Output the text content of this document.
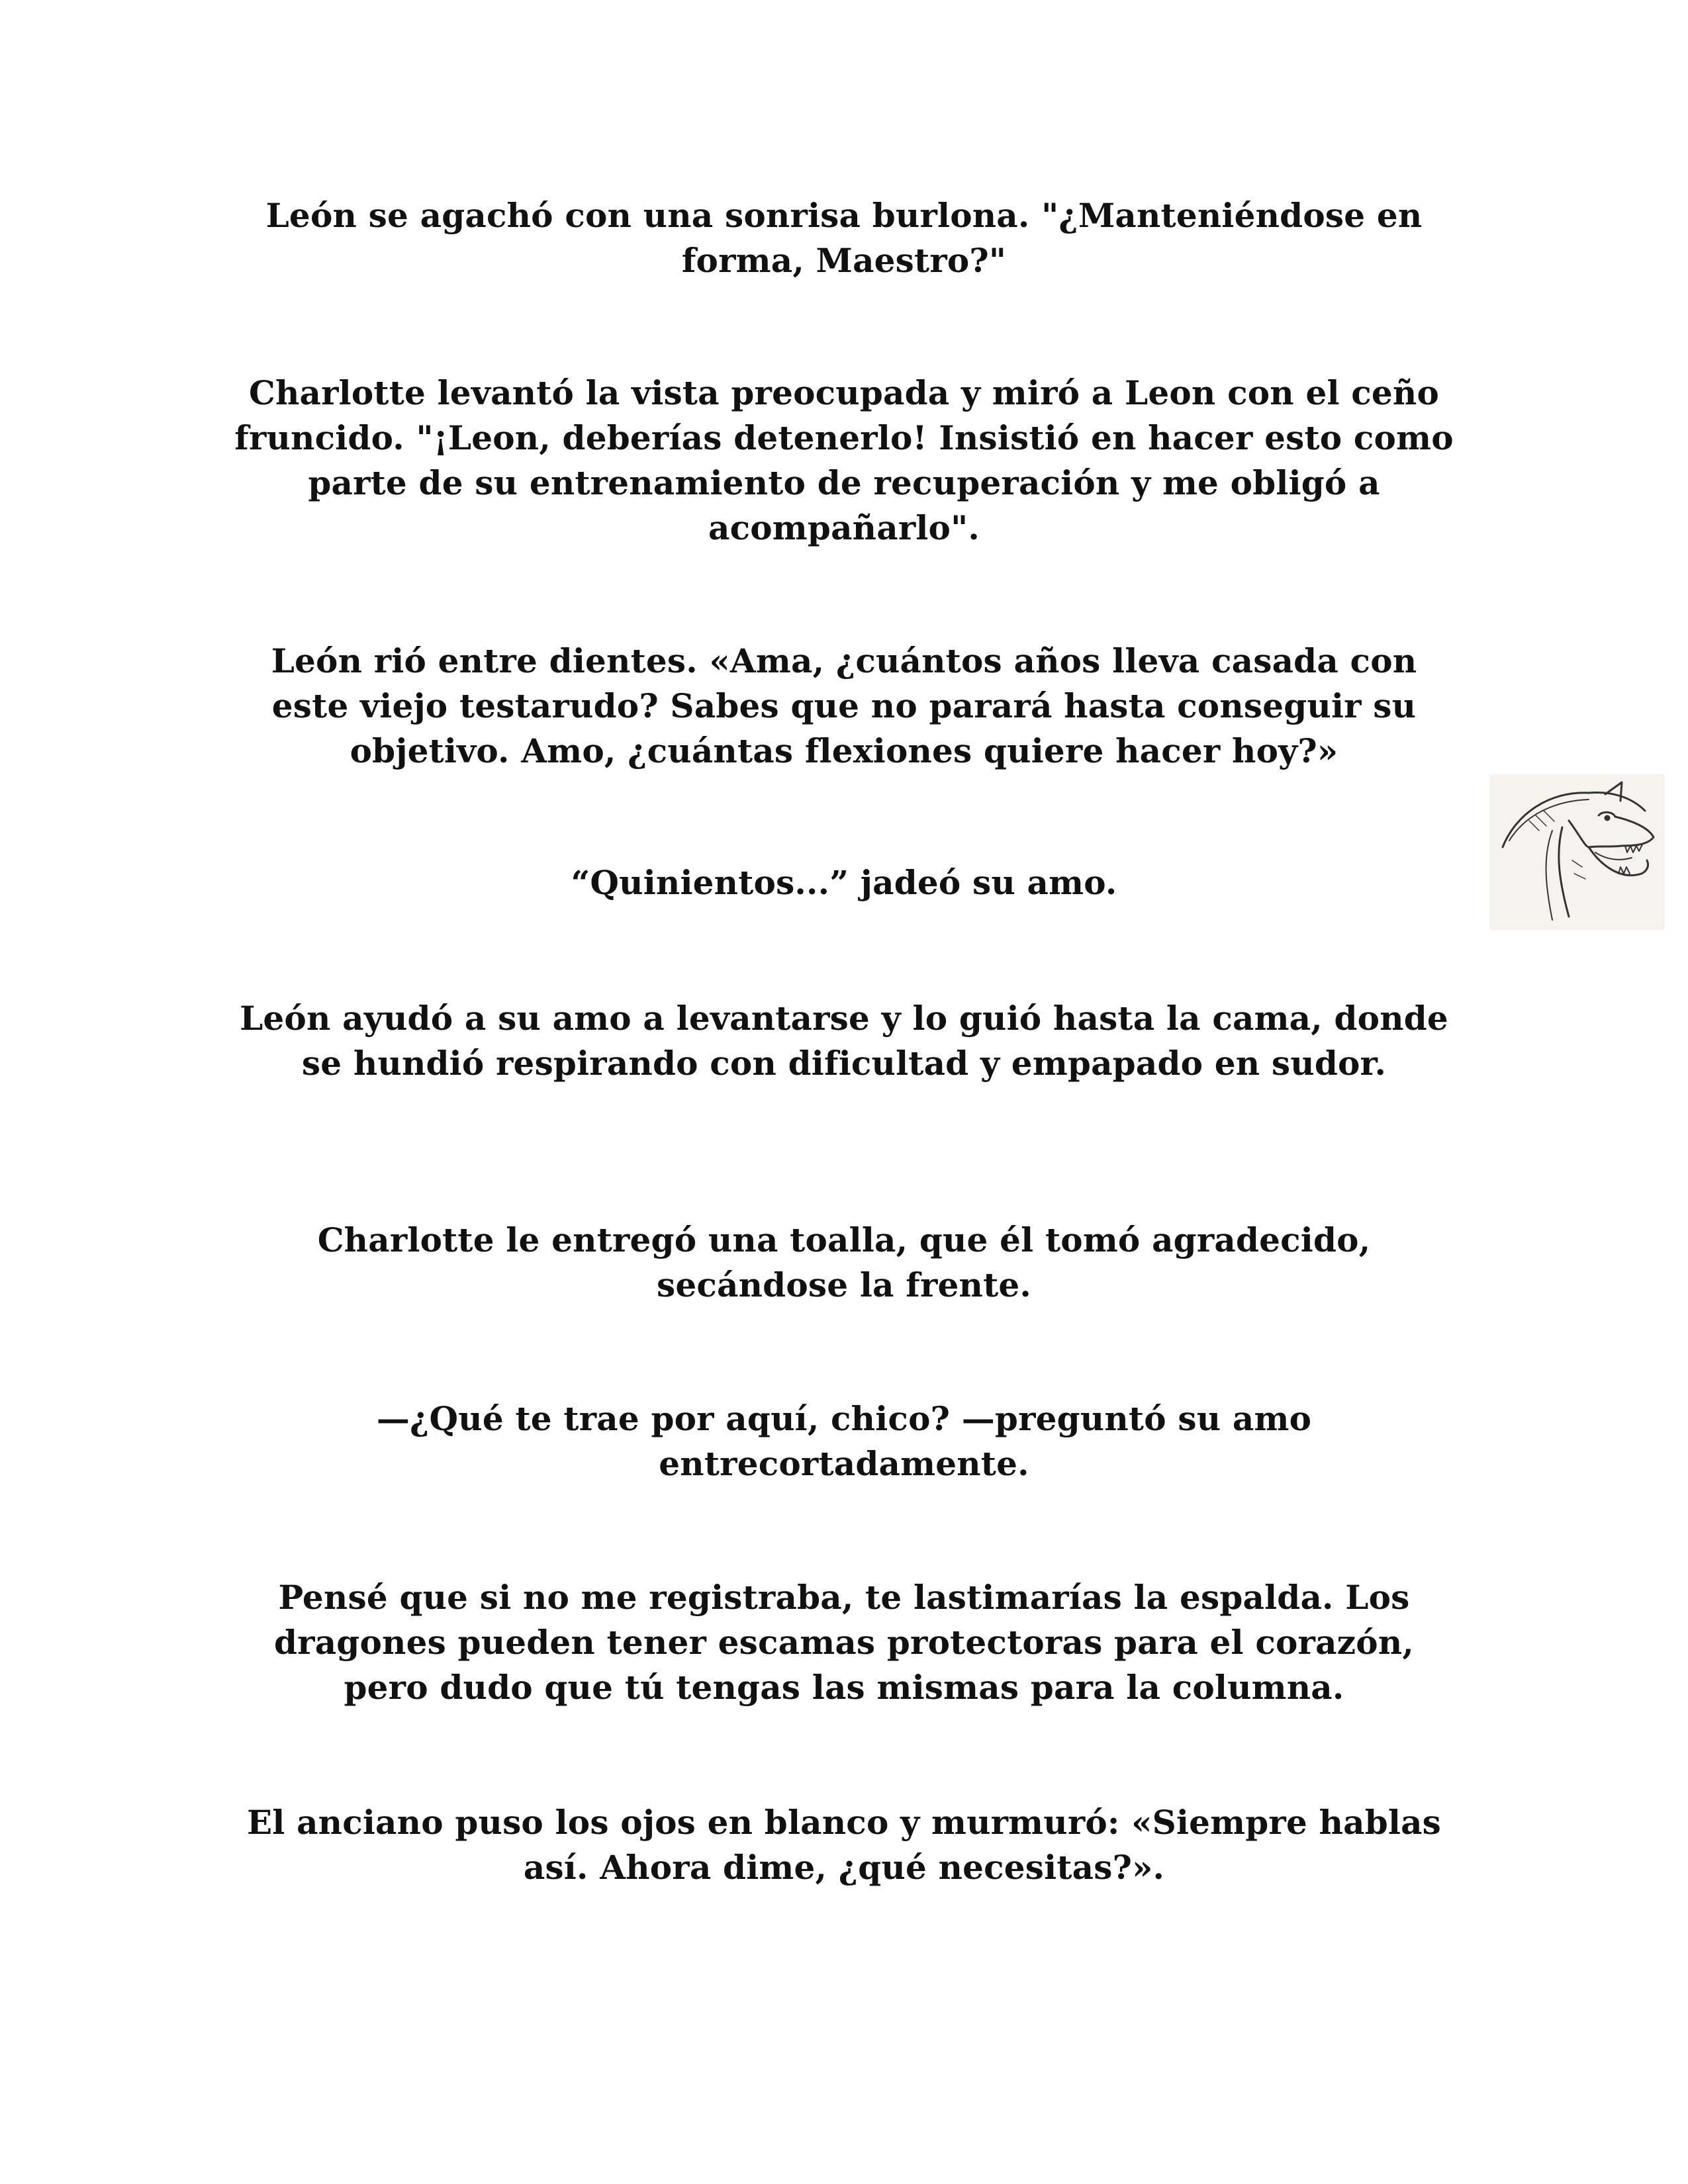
León se agachó con una sonrisa burlona. "¿Manteniéndose en forma, Maestro?"

Charlotte levantó la vista preocupada y miró a Leon con el ceño fruncido. "¡Leon, deberías detenerlo! Insistió en hacer esto como parte de su entrenamiento de recuperación y me obligó a acompañarlo".

León rió entre dientes. «Ama, ¿cuántos años lleva casada con este viejo testarudo? Sabes que no parará hasta conseguir su objetivo. Amo, ¿cuántas flexiones quiere hacer hoy?»

“Quinientos...” jadeó su amo.

León ayudó a su amo a levantarse y lo guió hasta la cama, donde se hundió respirando con dificultad y empapado en sudor.

Charlotte le entregó una toalla, que él tomó agradecido, secándose la frente.

—¿Qué te trae por aquí, chico? —preguntó su amo entrecortadamente.

Pensé que si no me registraba, te lastimarías la espalda. Los dragones pueden tener escamas protectoras para el corazón, pero dudo que tú tengas las mismas para la columna.

El anciano puso los ojos en blanco y murmuró: «Siempre hablas así. Ahora dime, ¿qué necesitas?».
